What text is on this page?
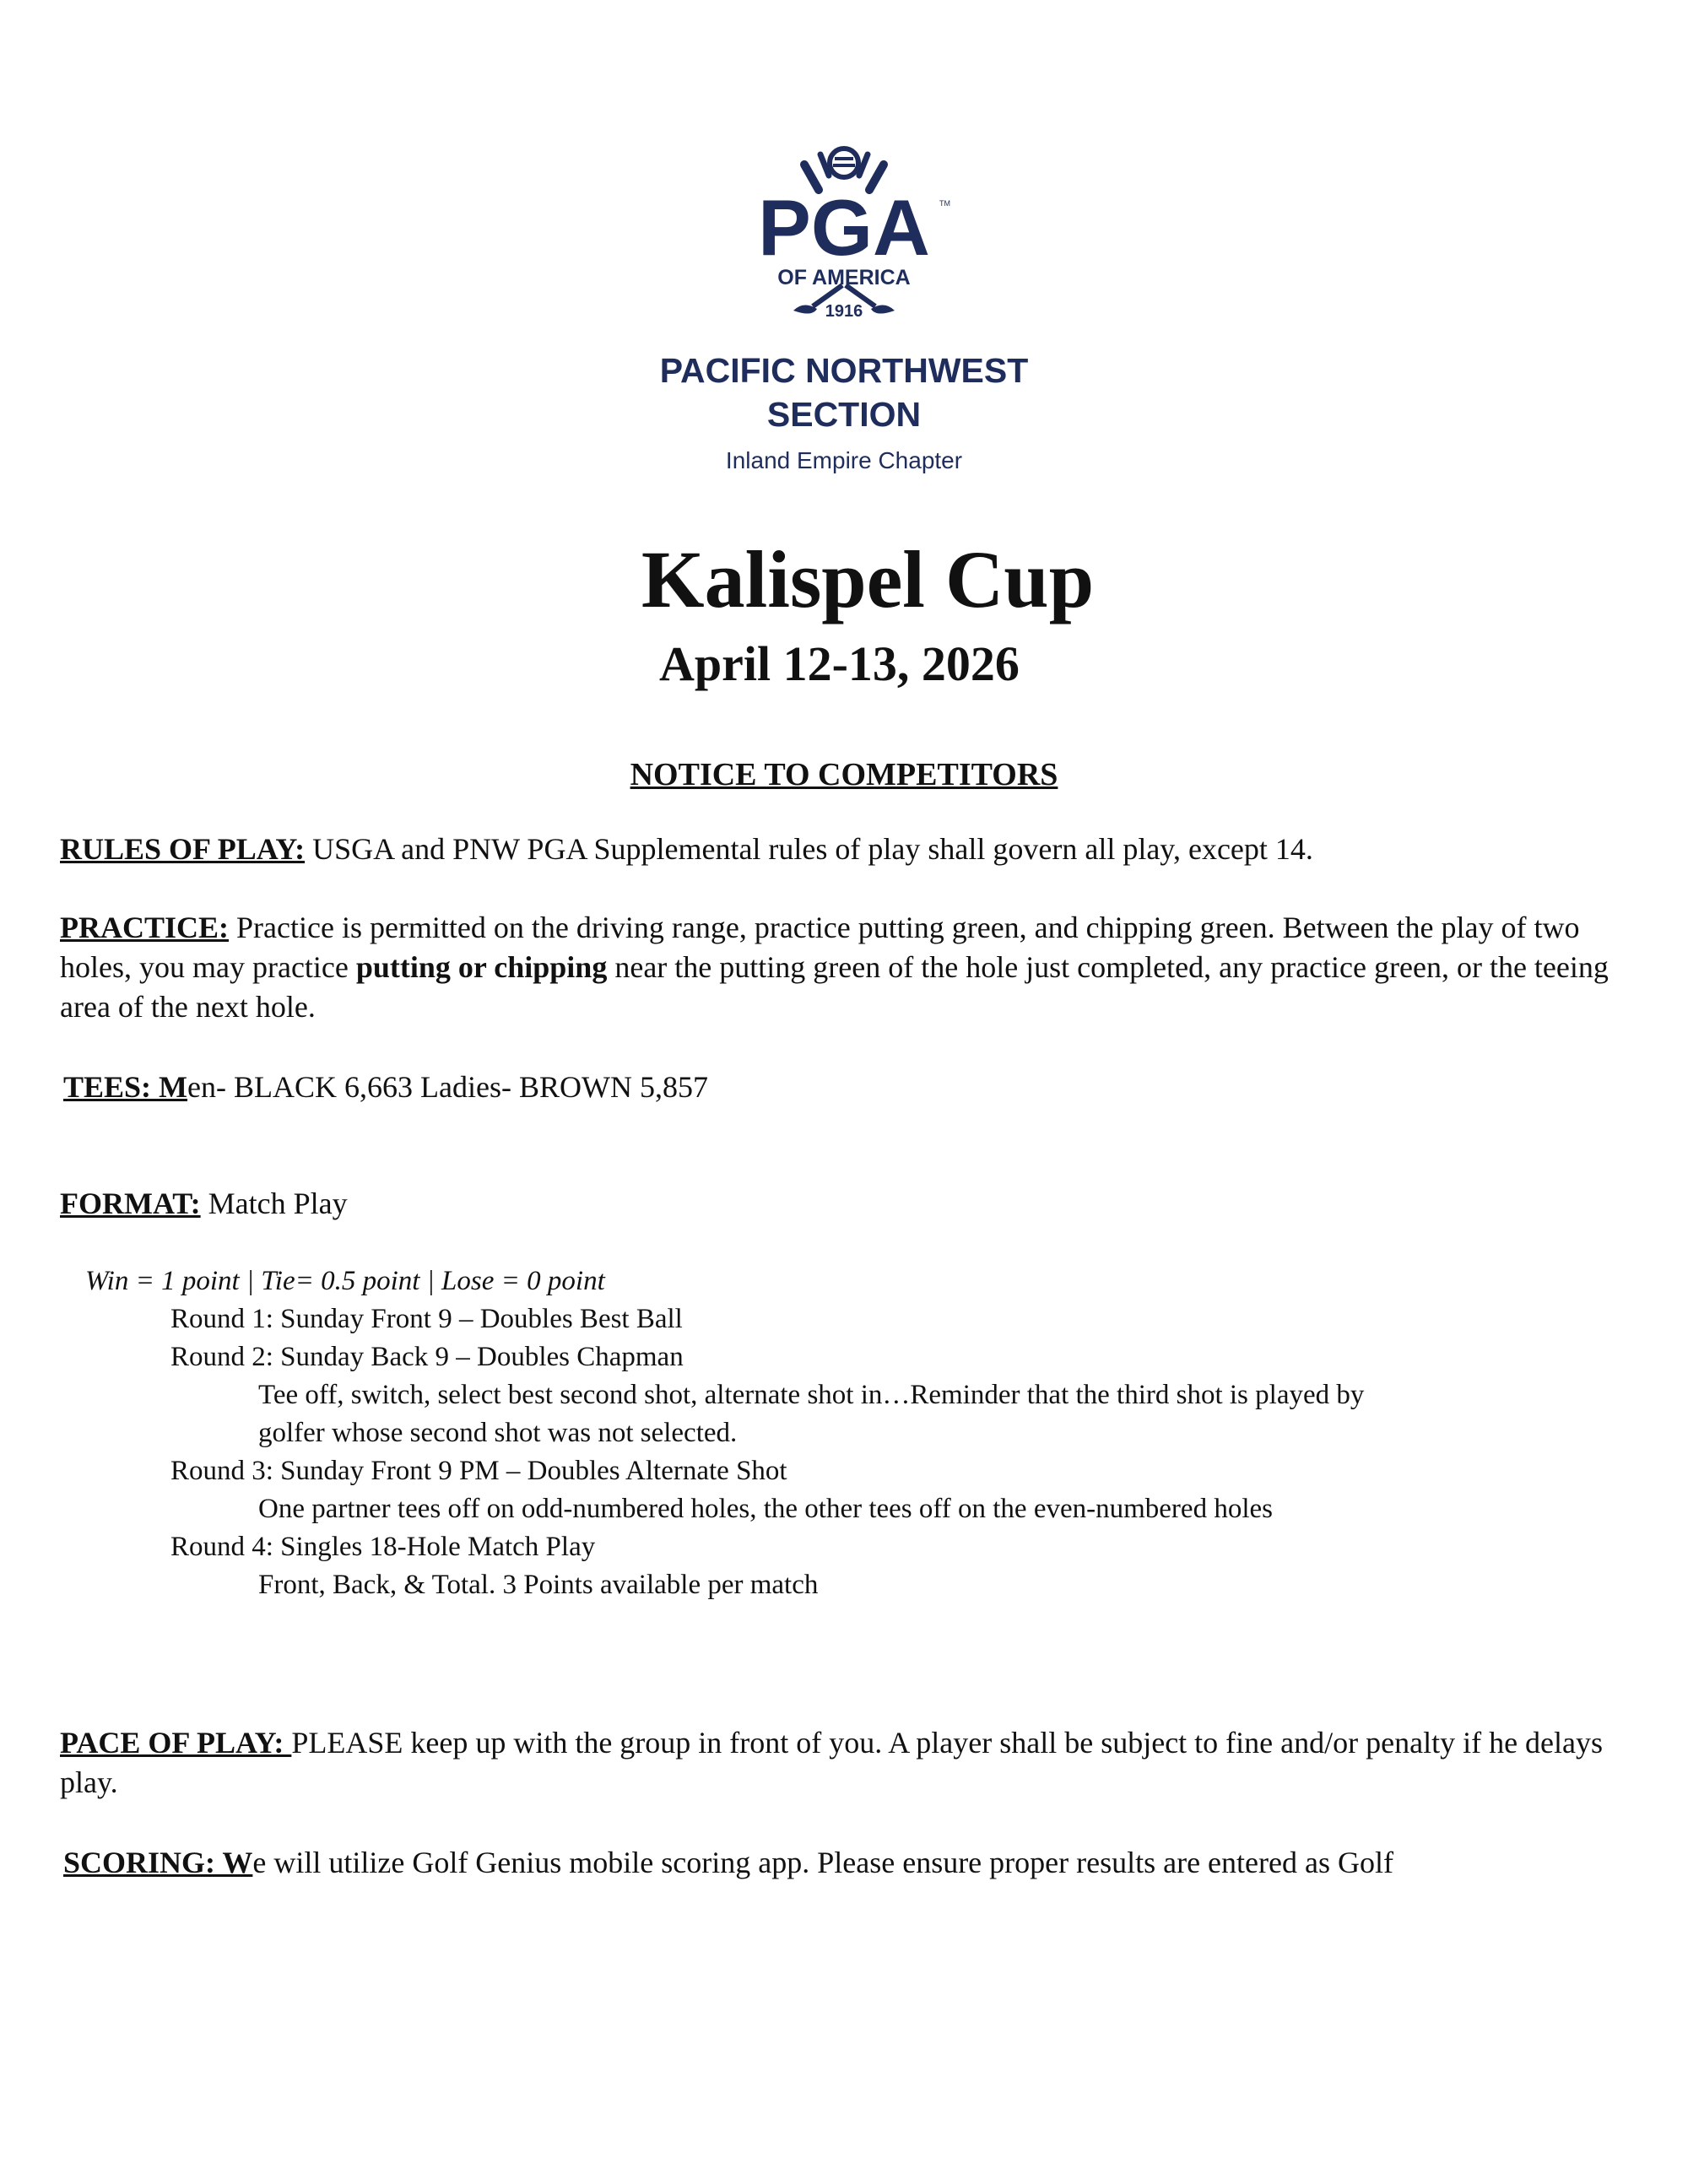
PGA TM
OF AMERICA
1916
PACIFIC NORTHWEST
SECTION
Inland Empire Chapter
Kalispel Cup
April 12-13, 2026
NOTICE TO COMPETITORS
RULES OF PLAY: USGA and PNW PGA Supplemental rules of play shall govern all play, except 14.
PRACTICE: Practice is permitted on the driving range, practice putting green, and chipping green. Between the play of two holes, you may practice putting or chipping near the putting green of the hole just completed, any practice green, or the teeing area of the next hole.
TEES: Men- BLACK 6,663 Ladies- BROWN 5,857
FORMAT: Match Play
Win = 1 point | Tie= 0.5 point | Lose = 0 point
Round 1: Sunday Front 9 – Doubles Best Ball
Round 2: Sunday Back 9 – Doubles Chapman
Tee off, switch, select best second shot, alternate shot in…Reminder that the third shot is played by
golfer whose second shot was not selected.
Round 3: Sunday Front 9 PM – Doubles Alternate Shot
One partner tees off on odd-numbered holes, the other tees off on the even-numbered holes
Round 4: Singles 18-Hole Match Play
Front, Back, & Total. 3 Points available per match
PACE OF PLAY: PLEASE keep up with the group in front of you. A player shall be subject to fine and/or penalty if he delays play.
SCORING: We will utilize Golf Genius mobile scoring app. Please ensure proper results are entered as Golf
